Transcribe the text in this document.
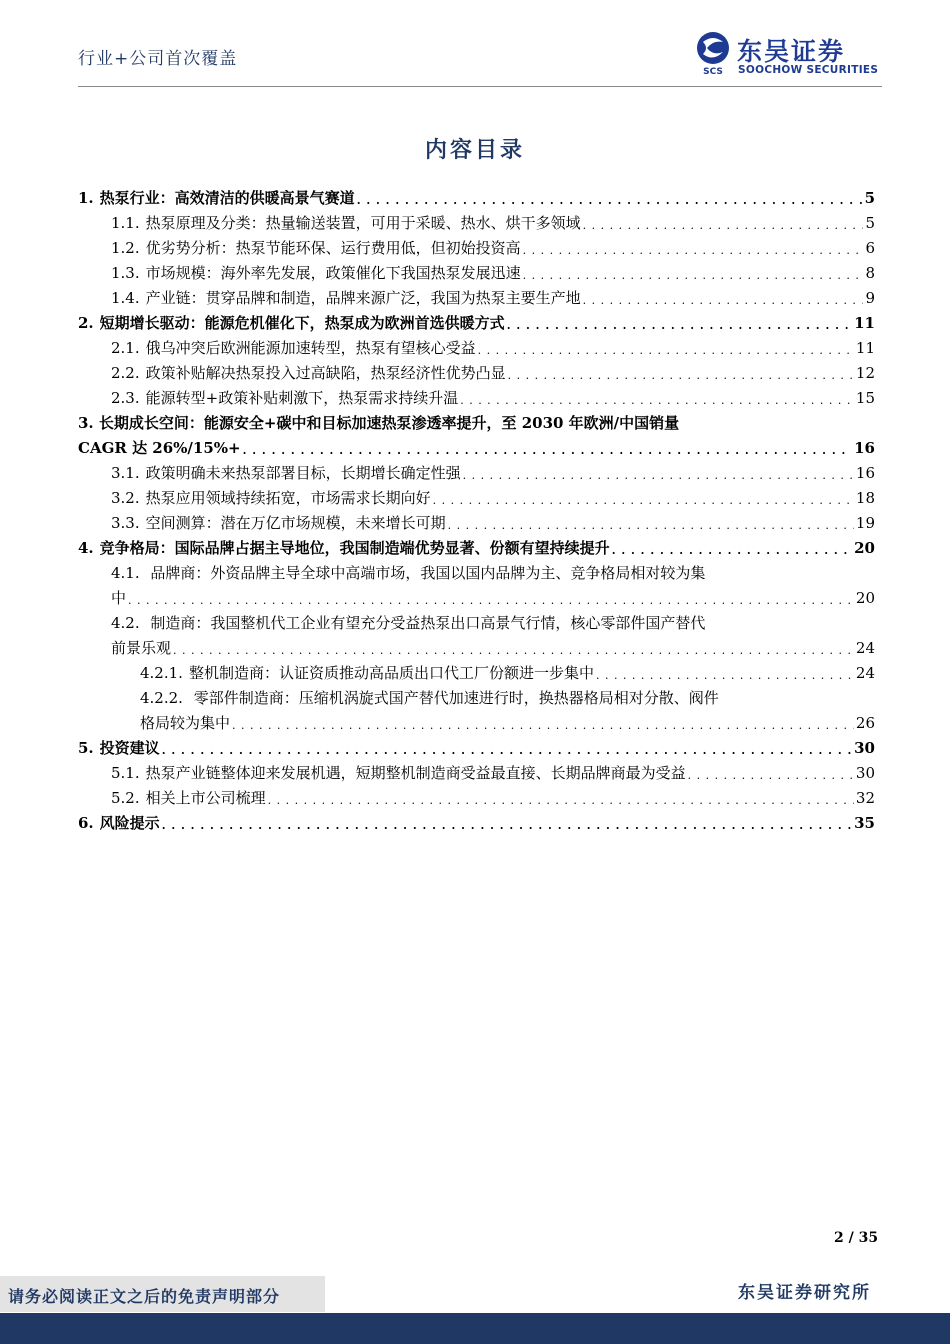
行业+公司首次覆盖
SCS
东吴证券
SOOCHOW SECURITIES
内容目录
1. 热泵行业：高效清洁的供暖高景气赛道 . . .	5
1.1. 热泵原理及分类：热量输送装置，可用于采暖、热水、烘干多领域 . . .	5
1.2. 优劣势分析：热泵节能环保、运行费用低，但初始投资高 . . .	6
1.3. 市场规模：海外率先发展，政策催化下我国热泵发展迅速 . . .	8
1.4. 产业链：贯穿品牌和制造，品牌来源广泛，我国为热泵主要生产地 . . .	9
2. 短期增长驱动：能源危机催化下，热泵成为欧洲首选供暖方式 . . .	11
2.1. 俄乌冲突后欧洲能源加速转型，热泵有望核心受益 . . .	11
2.2. 政策补贴解决热泵投入过高缺陷，热泵经济性优势凸显 . . .	12
2.3. 能源转型+政策补贴刺激下，热泵需求持续升温 . . .	15
3. 长期成长空间：能源安全+碳中和目标加速热泵渗透率提升，至 2030 年欧洲/中国销量
CAGR 达 26%/15%+ . . .	16
3.1. 政策明确未来热泵部署目标，长期增长确定性强 . . .	16
3.2. 热泵应用领域持续拓宽，市场需求长期向好 . . .	18
3.3. 空间测算：潜在万亿市场规模，未来增长可期 . . .	19
4. 竞争格局：国际品牌占据主导地位，我国制造端优势显著、份额有望持续提升 . . .	20
4.1. 品牌商：外资品牌主导全球中高端市场，我国以国内品牌为主、竞争格局相对较为集
中 . . .	20
4.2. 制造商：我国整机代工企业有望充分受益热泵出口高景气行情，核心零部件国产替代
前景乐观 . . .	24
4.2.1. 整机制造商：认证资质推动高品质出口代工厂份额进一步集中 . . .	24
4.2.2. 零部件制造商：压缩机涡旋式国产替代加速进行时，换热器格局相对分散、阀件
格局较为集中 . . .	26
5. 投资建议 . . .	30
5.1. 热泵产业链整体迎来发展机遇，短期整机制造商受益最直接、长期品牌商最为受益 . . .	30
5.2. 相关上市公司梳理 . . .	32
6. 风险提示 . . .	35
2 / 35
请务必阅读正文之后的免责声明部分	东吴证券研究所
